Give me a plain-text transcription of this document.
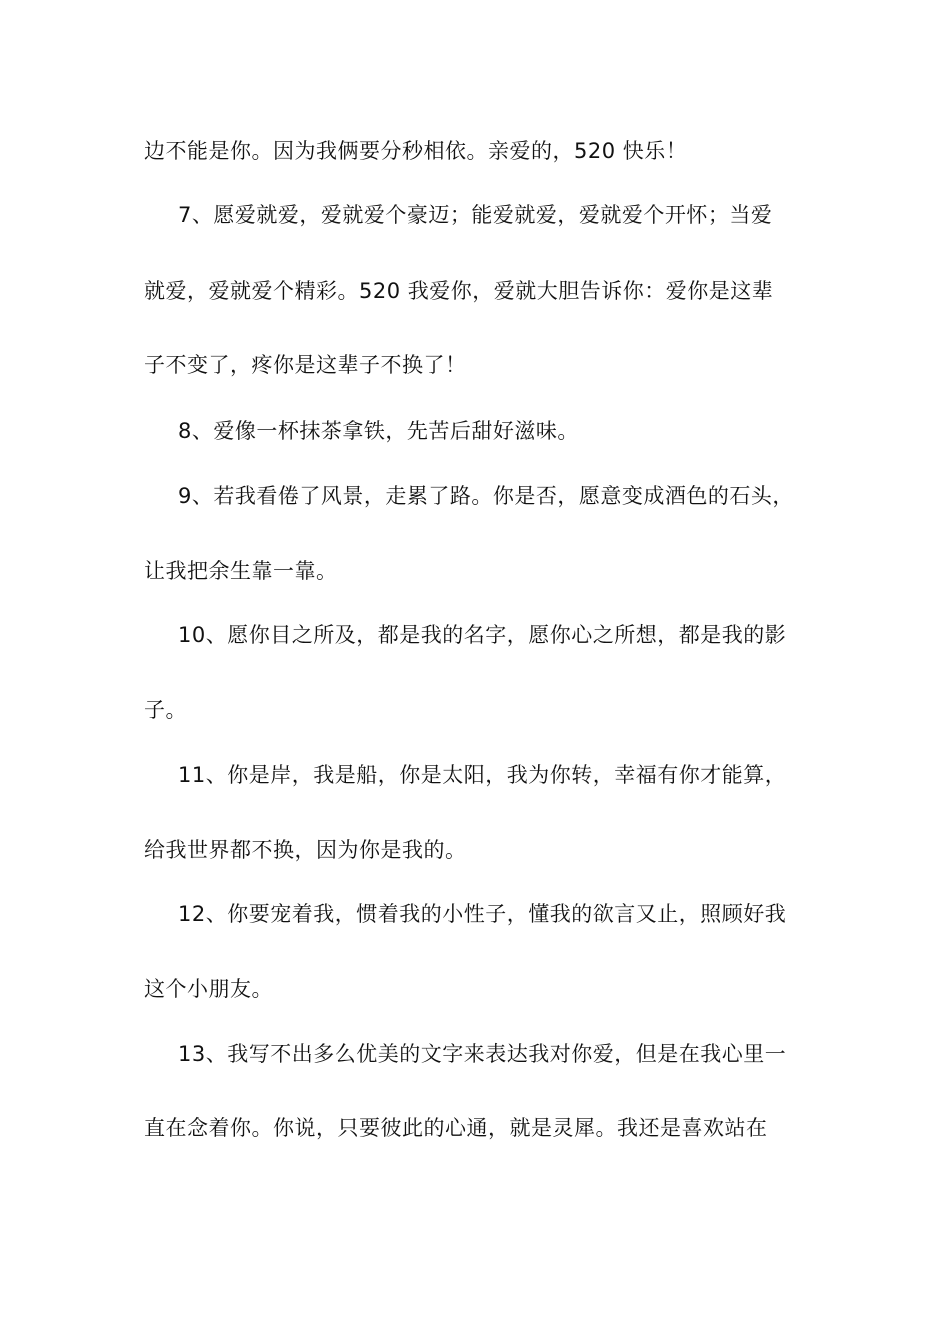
边不能是你。因为我俩要分秒相依。亲爱的，520 快乐！
7、愿爱就爱，爱就爱个豪迈；能爱就爱，爱就爱个开怀；当爱
就爱，爱就爱个精彩。520 我爱你，爱就大胆告诉你：爱你是这辈
子不变了，疼你是这辈子不换了！
8、爱像一杯抹茶拿铁，先苦后甜好滋味。
9、若我看倦了风景，走累了路。你是否，愿意变成酒色的石头，
让我把余生靠一靠。
10、愿你目之所及，都是我的名字，愿你心之所想，都是我的影
子。
11、你是岸，我是船，你是太阳，我为你转，幸福有你才能算，
给我世界都不换，因为你是我的。
12、你要宠着我，惯着我的小性子，懂我的欲言又止，照顾好我
这个小朋友。
13、我写不出多么优美的文字来表达我对你爱，但是在我心里一
直在念着你。你说，只要彼此的心通，就是灵犀。我还是喜欢站在
